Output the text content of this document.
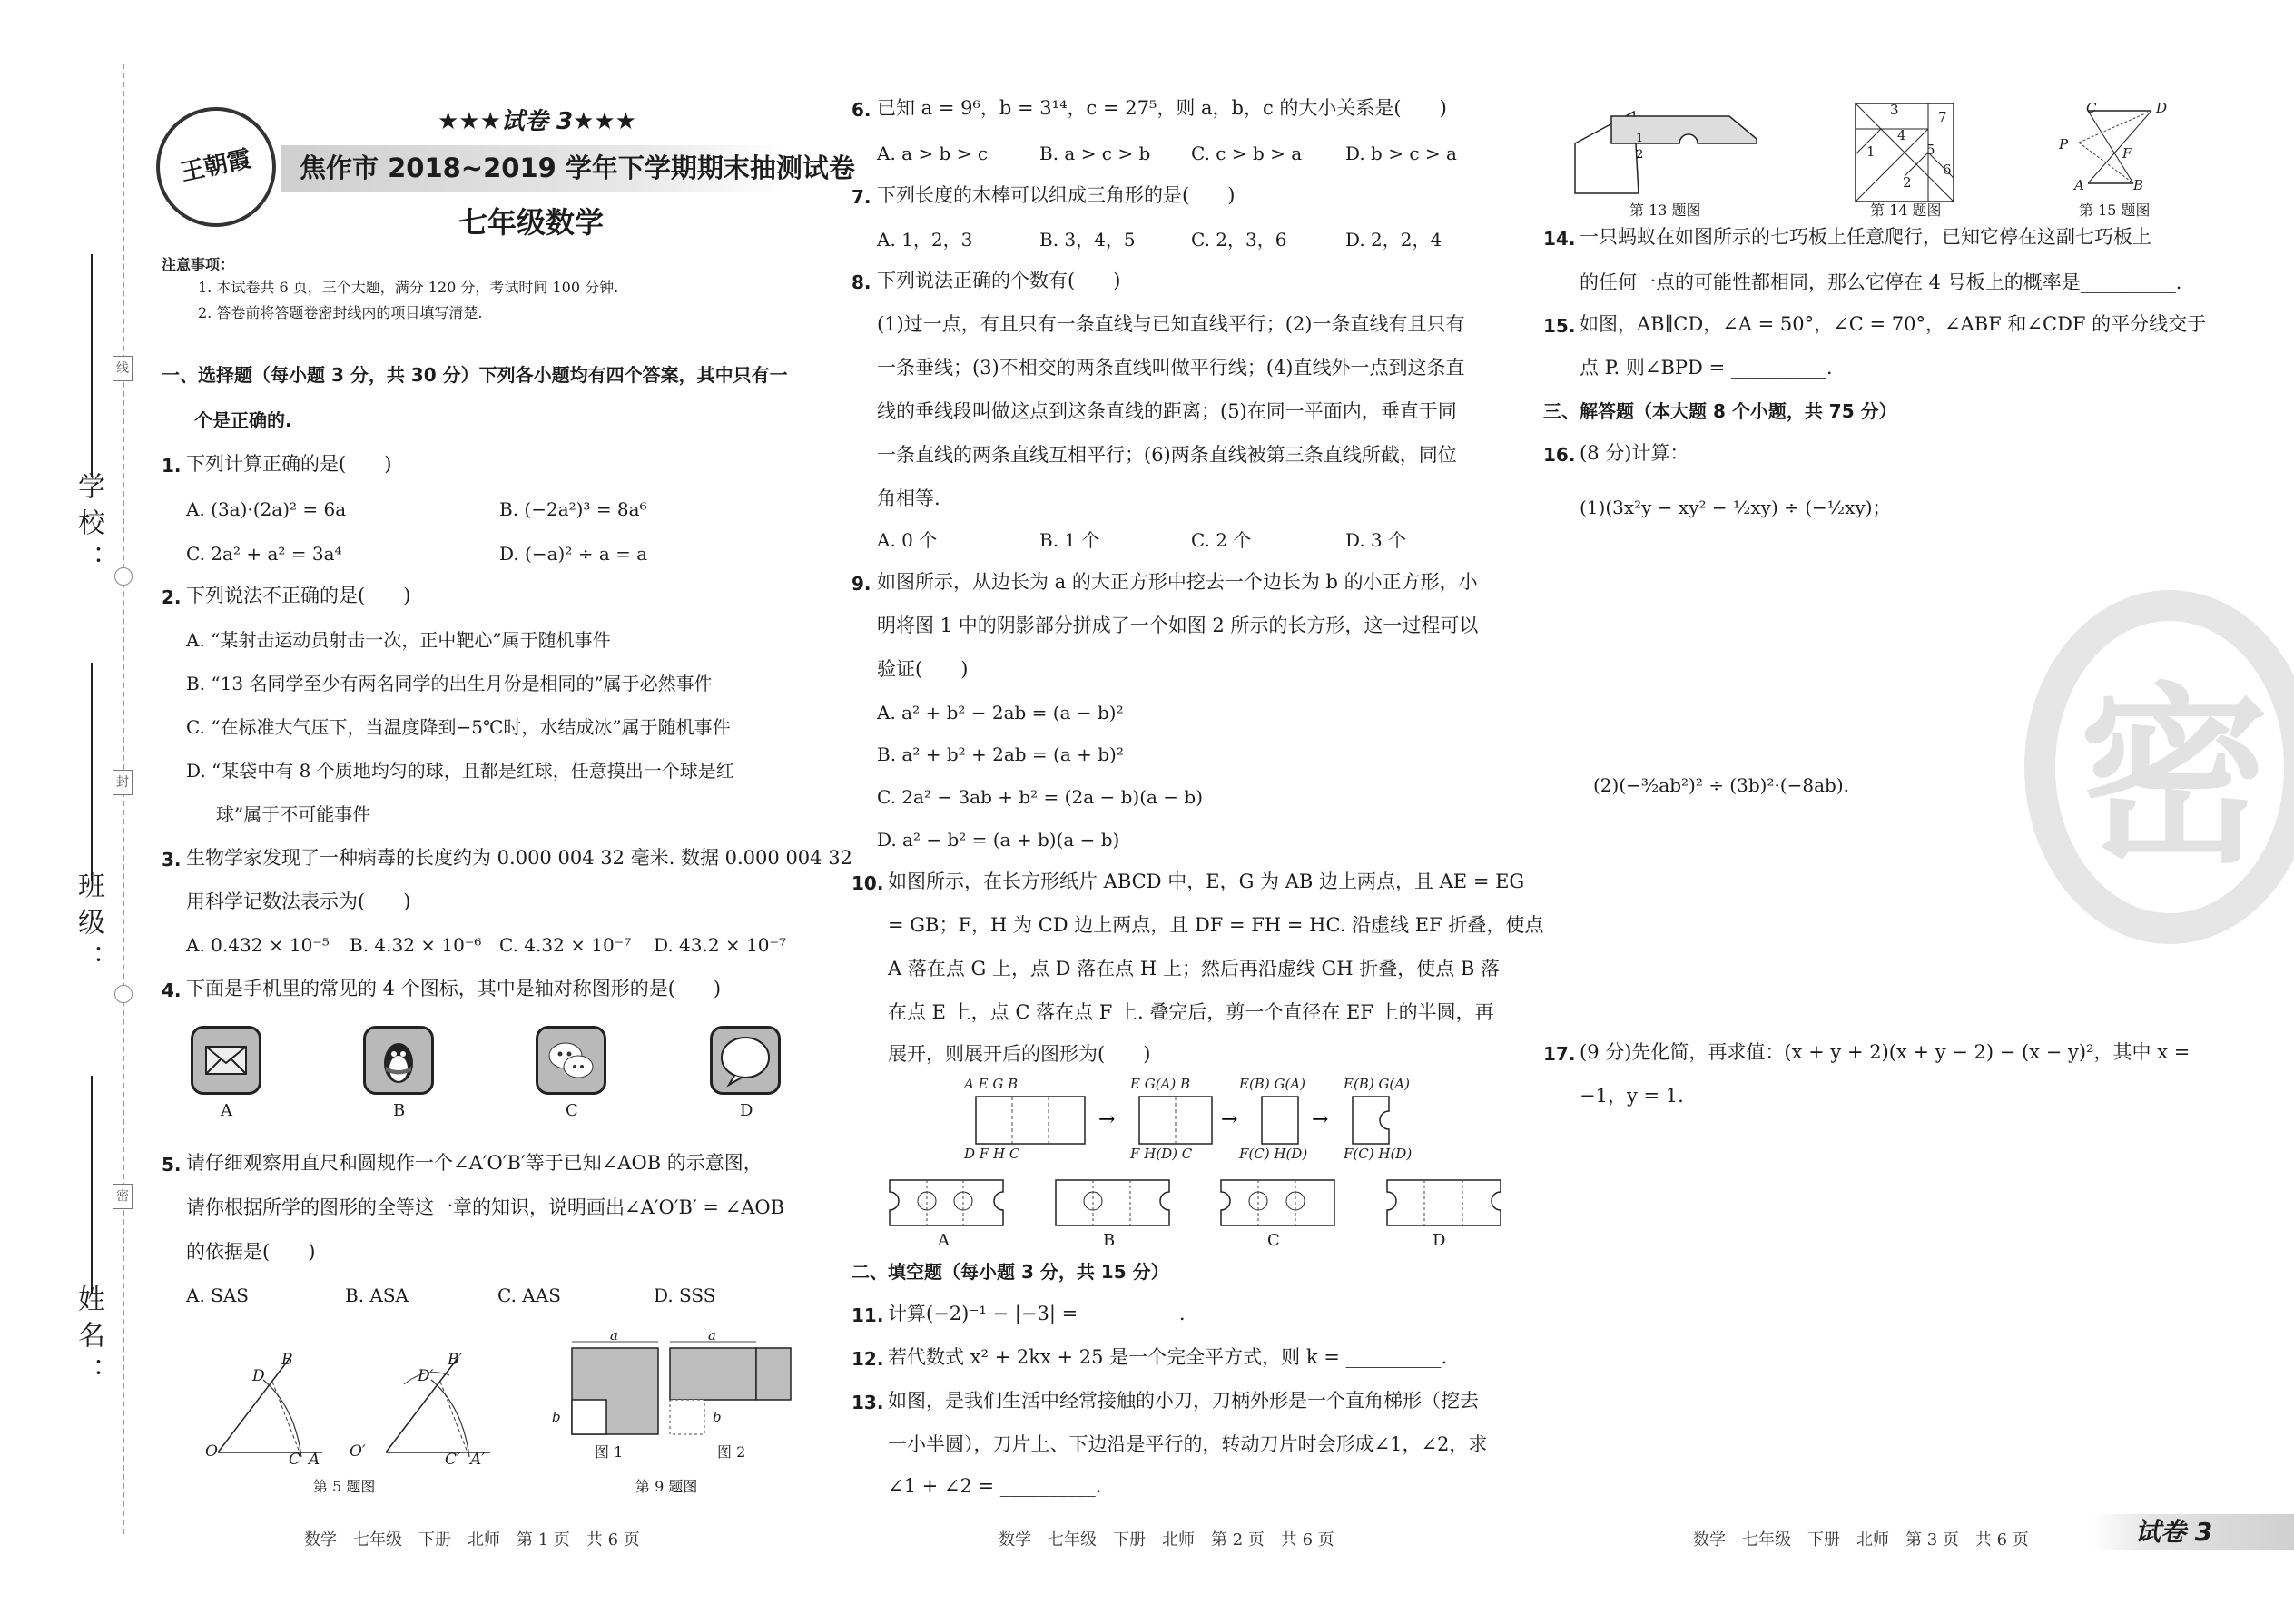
线
封
密
学校：
班级：
姓名：
王朝霞
★★★试卷 3★★★
焦作市 2018~2019 学年下学期期末抽测试卷
七年级数学
注意事项：
1. 本试卷共 6 页，三个大题，满分 120 分，考试时间 100 分钟.
2. 答卷前将答题卷密封线内的项目填写清楚.
一、选择题（每小题 3 分，共 30 分）下列各小题均有四个答案，其中只有一
个是正确的.
1. 下列计算正确的是(　　)
A. (3a)·(2a)² = 6a	B. (−2a²)³ = 8a⁶
C. 2a² + a² = 3a⁴	D. (−a)² ÷ a = a
2. 下列说法不正确的是(　　)
A. “某射击运动员射击一次，正中靶心”属于随机事件
B. “13 名同学至少有两名同学的出生月份是相同的”属于必然事件
C. “在标准大气压下，当温度降到−5℃时，水结成冰”属于随机事件
D. “某袋中有 8 个质地均匀的球，且都是红球，任意摸出一个球是红
球”属于不可能事件
3. 生物学家发现了一种病毒的长度约为 0.000 004 32 毫米. 数据 0.000 004 32
用科学记数法表示为(　　)
A. 0.432 × 10⁻⁵ B. 4.32 × 10⁻⁶ C. 4.32 × 10⁻⁷ D. 43.2 × 10⁻⁷
4. 下面是手机里的常见的 4 个图标，其中是轴对称图形的是(　　)
A	B	C	D
5. 请仔细观察用直尺和圆规作一个∠A′O′B′等于已知∠AOB 的示意图，
请你根据所学的图形的全等这一章的知识，说明画出∠A′O′B′ = ∠AOB
的依据是(　　)
A. SAS	B. ASA	C. AAS	D. SSS
O
D
B
C A O′
D′
B′
C′ A′
第 5 题图
a	a
b	b
图 1	图 2
第 9 题图
6. 已知 a = 9⁶，b = 3¹⁴，c = 27⁵，则 a，b，c 的大小关系是(　　)
A. a > b > c	B. a > c > b C. c > b > a D. b > c > a
7. 下列长度的木棒可以组成三角形的是(　　)
A. 1，2，3	B. 3，4，5	C. 2，3，6	D. 2，2，4
8. 下列说法正确的个数有(　　)
(1)过一点，有且只有一条直线与已知直线平行；(2)一条直线有且只有
一条垂线；(3)不相交的两条直线叫做平行线；(4)直线外一点到这条直
线的垂线段叫做这点到这条直线的距离；(5)在同一平面内，垂直于同
一条直线的两条直线互相平行；(6)两条直线被第三条直线所截，同位
角相等.
A. 0 个	B. 1 个	C. 2 个	D. 3 个
9. 如图所示，从边长为 a 的大正方形中挖去一个边长为 b 的小正方形，小
明将图 1 中的阴影部分拼成了一个如图 2 所示的长方形，这一过程可以
验证(　　)
A. a² + b² − 2ab = (a − b)²
B. a² + b² + 2ab = (a + b)²
C. 2a² − 3ab + b² = (2a − b)(a − b)
D. a² − b² = (a + b)(a − b)
10. 如图所示，在长方形纸片 ABCD 中，E，G 为 AB 边上两点，且 AE = EG
= GB；F，H 为 CD 边上两点，且 DF = FH = HC. 沿虚线 EF 折叠，使点
A 落在点 G 上，点 D 落在点 H 上；然后再沿虚线 GH 折叠，使点 B 落
在点 E 上，点 C 落在点 F 上. 叠完后，剪一个直径在 EF 上的半圆，再
展开，则展开后的图形为(　　)
→	→	→
A E G B	E G(A) B	E(B) G(A)	E(B) G(A)
D F H C	F H(D) C	F(C) H(D)	F(C) H(D)
A	B	C	D
二、填空题（每小题 3 分，共 15 分）
11. 计算(−2)⁻¹ − |−3| = __________.
12. 若代数式 x² + 2kx + 25 是一个完全平方式，则 k = __________.
13. 如图，是我们生活中经常接触的小刀，刀柄外形是一个直角梯形（挖去
一小半圆），刀片上、下边沿是平行的，转动刀片时会形成∠1，∠2，求
∠1 + ∠2 = __________.
1
2
第 13 题图
3	7
4
1	5
2
6
第 14 题图
C	D
P
F
A	B
第 15 题图
14. 一只蚂蚁在如图所示的七巧板上任意爬行，已知它停在这副七巧板上
的任何一点的可能性都相同，那么它停在 4 号板上的概率是__________.
15. 如图，AB∥CD，∠A = 50°，∠C = 70°，∠ABF 和∠CDF 的平分线交于
点 P. 则∠BPD = __________.
三、解答题（本大题 8 个小题，共 75 分）
16. (8 分)计算：
(1)(3x²y − xy² − ½xy) ÷ (−½xy)；
密
(2)(−³⁄₂ab²)² ÷ (3b)²·(−8ab).
17. (9 分)先化简，再求值：(x + y + 2)(x + y − 2) − (x − y)²，其中 x =
−1，y = 1.
数学　七年级　下册　北师　第 1 页　共 6 页	数学　七年级　下册　北师　第 2 页　共 6 页	数学　七年级　下册　北师　第 3 页　共 6 页	试卷 3
